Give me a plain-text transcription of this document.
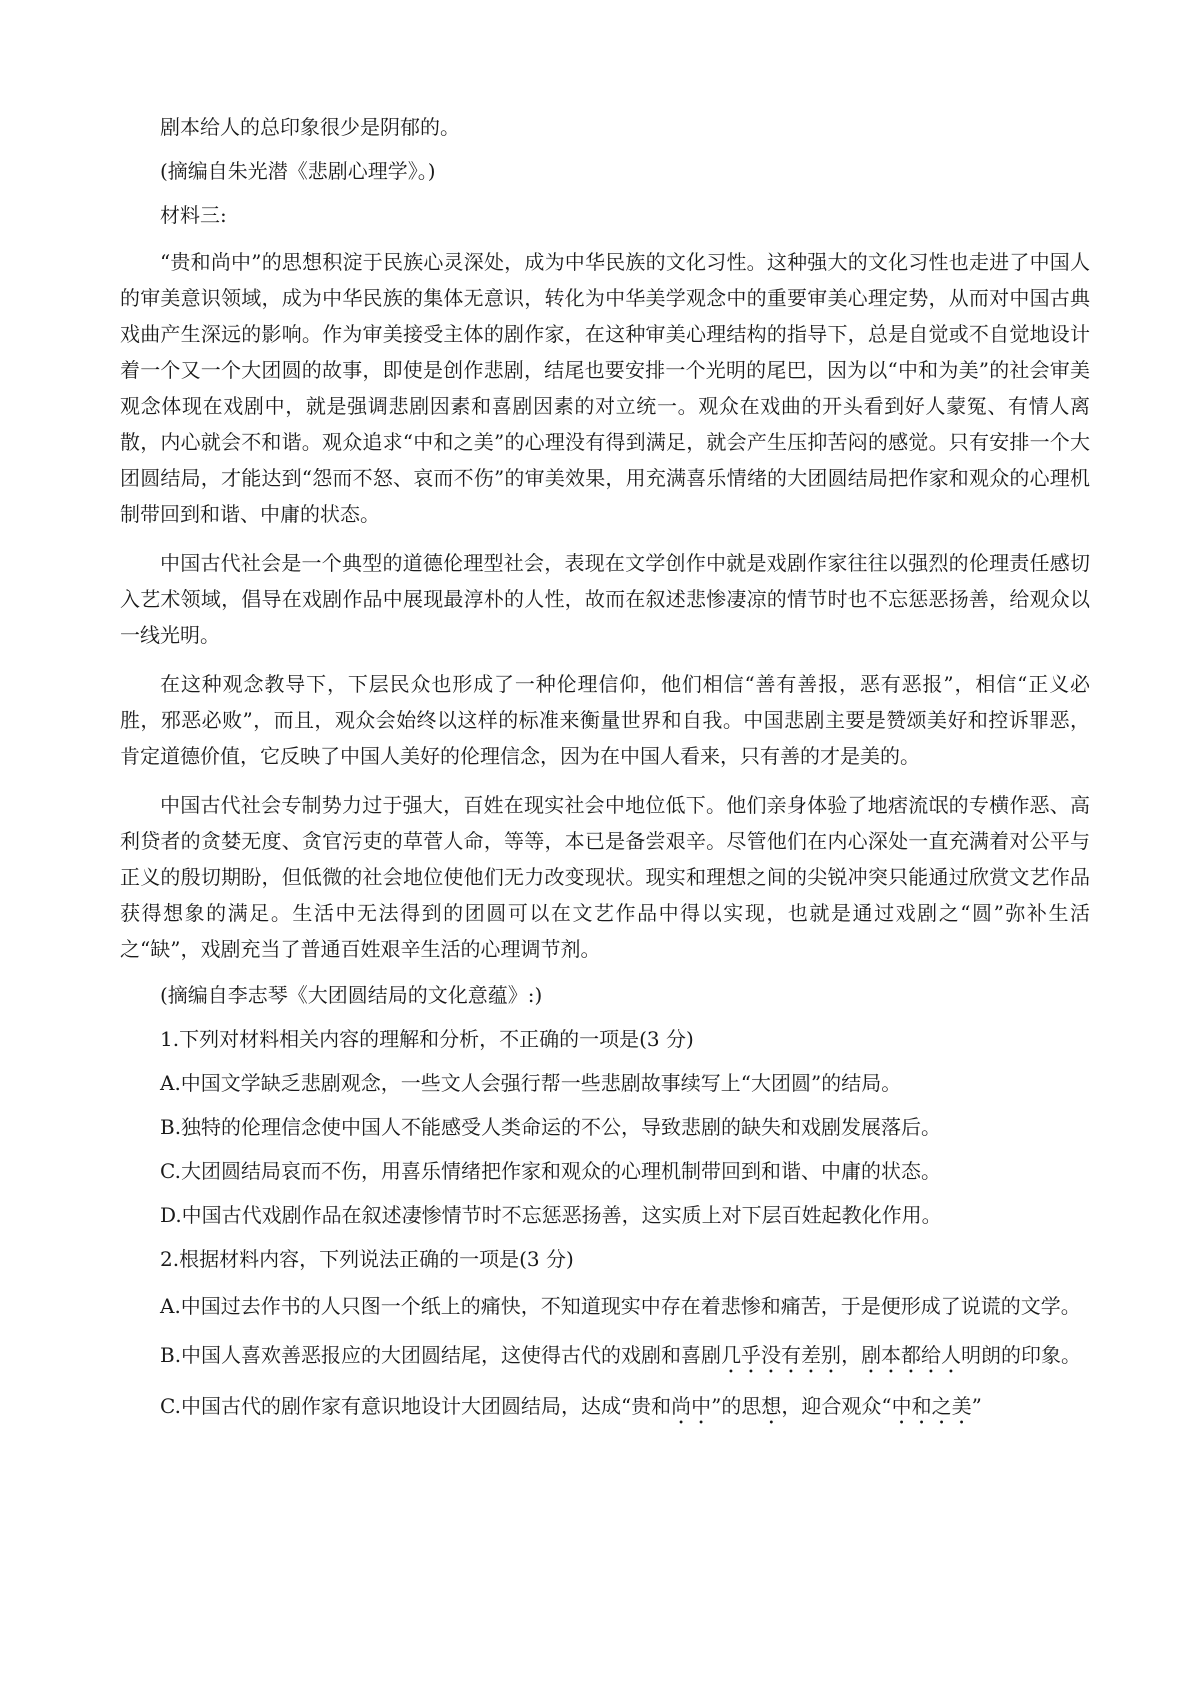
剧本给人的总印象很少是阴郁的。

(摘编自朱光潜《悲剧心理学》。)

材料三:

“贵和尚中”的思想积淀于民族心灵深处，成为中华民族的文化习性。这种强大的文化习性也走进了中国人的审美意识领域，成为中华民族的集体无意识，转化为中华美学观念中的重要审美心理定势，从而对中国古典戏曲产生深远的影响。作为审美接受主体的剧作家，在这种审美心理结构的指导下，总是自觉或不自觉地设计着一个又一个大团圆的故事，即使是创作悲剧，结尾也要安排一个光明的尾巴，因为以“中和为美”的社会审美观念体现在戏剧中，就是强调悲剧因素和喜剧因素的对立统一。观众在戏曲的开头看到好人蒙冤、有情人离散，内心就会不和谐。观众追求“中和之美”的心理没有得到满足，就会产生压抑苦闷的感觉。只有安排一个大团圆结局，才能达到“怨而不怒、哀而不伤”的审美效果，用充满喜乐情绪的大团圆结局把作家和观众的心理机制带回到和谐、中庸的状态。

中国古代社会是一个典型的道德伦理型社会，表现在文学创作中就是戏剧作家往往以强烈的伦理责任感切入艺术领域，倡导在戏剧作品中展现最淳朴的人性，故而在叙述悲惨凄凉的情节时也不忘惩恶扬善，给观众以一线光明。

在这种观念教导下，下层民众也形成了一种伦理信仰，他们相信“善有善报，恶有恶报”，相信“正义必胜，邪恶必败”，而且，观众会始终以这样的标准来衡量世界和自我。中国悲剧主要是赞颂美好和控诉罪恶，肯定道德价值，它反映了中国人美好的伦理信念，因为在中国人看来，只有善的才是美的。

中国古代社会专制势力过于强大，百姓在现实社会中地位低下。他们亲身体验了地痞流氓的专横作恶、高利贷者的贪婪无度、贪官污吏的草菅人命，等等，本已是备尝艰辛。尽管他们在内心深处一直充满着对公平与正义的殷切期盼，但低微的社会地位使他们无力改变现状。现实和理想之间的尖锐冲突只能通过欣赏文艺作品获得想象的满足。生活中无法得到的团圆可以在文艺作品中得以实现，也就是通过戏剧之“圆”弥补生活之“缺”，戏剧充当了普通百姓艰辛生活的心理调节剂。

(摘编自李志琴《大团圆结局的文化意蕴》:)

1.下列对材料相关内容的理解和分析，不正确的一项是(3 分)

A.中国文学缺乏悲剧观念，一些文人会强行帮一些悲剧故事续写上“大团圆”的结局。

B.独特的伦理信念使中国人不能感受人类命运的不公，导致悲剧的缺失和戏剧发展落后。

C.大团圆结局哀而不伤，用喜乐情绪把作家和观众的心理机制带回到和谐、中庸的状态。

D.中国古代戏剧作品在叙述凄惨情节时不忘惩恶扬善，这实质上对下层百姓起教化作用。

2.根据材料内容，下列说法正确的一项是(3 分)

A.中国过去作书的人只图一个纸上的痛快，不知道现实中存在着悲惨和痛苦，于是便形成了说谎的文学。

B.中国人喜欢善恶报应的大团圆结尾，这使得古代的戏剧和喜剧几乎没有差别，剧本都给人明朗的印象。

C.中国古代的剧作家有意识地设计大团圆结局，达成“贵和尚中”的思想，迎合观众“中和之美”
